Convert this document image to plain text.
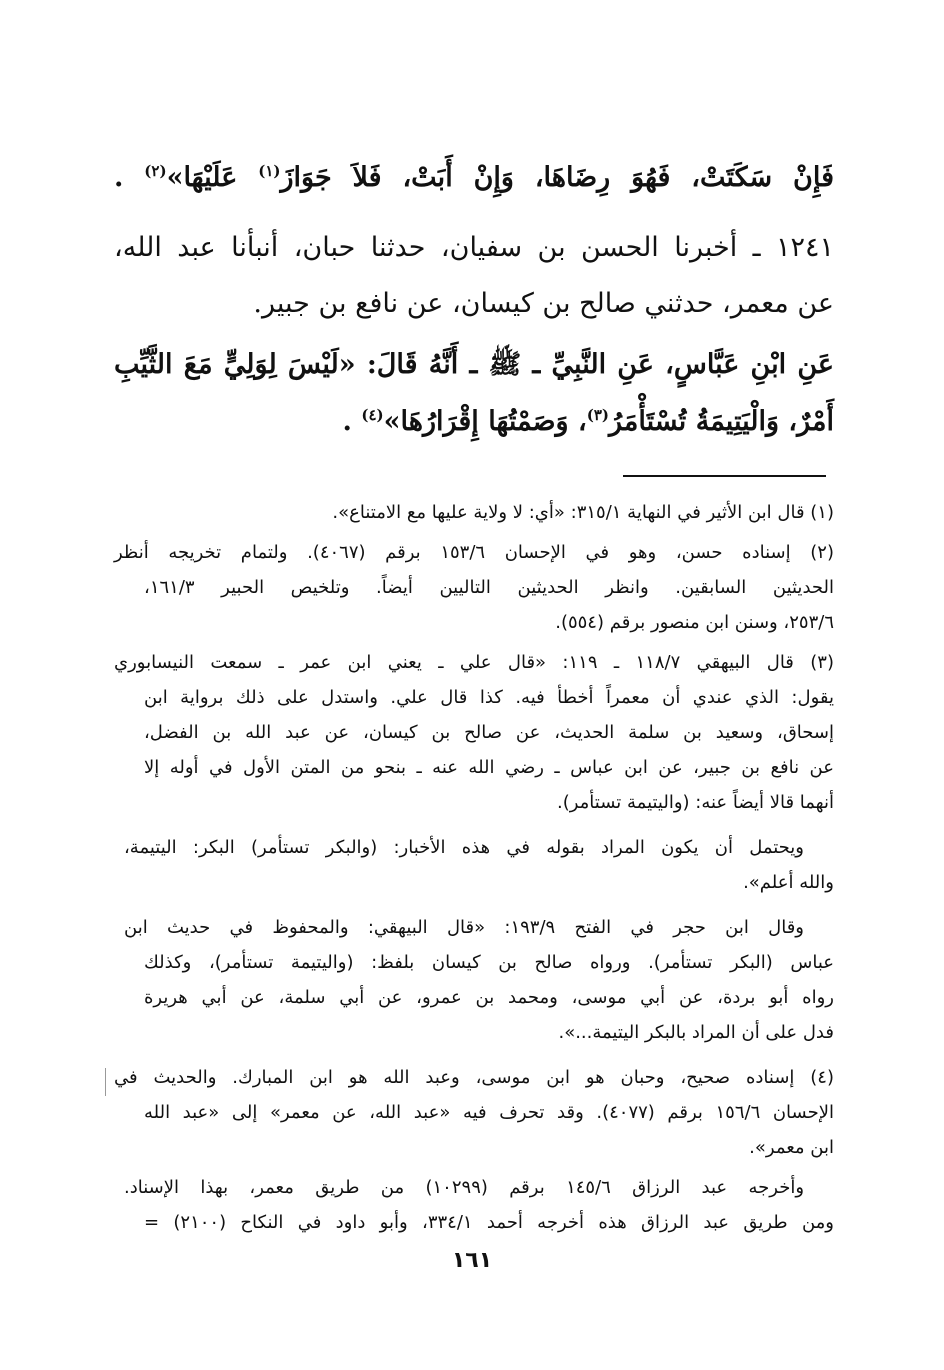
فَإِنْ سَكَتَتْ، فَهُوَ رِضَاهَا، وَإِنْ أَبَتْ، فَلاَ جَوَازَ$^{(١)}$ عَلَيْهَا»$^{(٢)}$ .
١٢٤١ ـ أخبرنا الحسن بن سفيان، حدثنا حبان، أنبأنا عبد الله،
عن معمر، حدثني صالح بن كيسان، عن نافع بن جبير.
عَنِ ابْنِ عَبَّاسٍ، عَنِ النَّبِيِّ ـ ﷺ ـ أَنَّهُ قَالَ: «لَيْسَ لِوَلِيٍّ مَعَ الثَّيِّبِ
أَمْرٌ، وَالْيَتِيمَةُ تُسْتَأْمَرُ$^{(٣)}$، وَصَمْتُهَا إِقْرَارُهَا»$^{(٤)}$ .
(١) قال ابن الأثير في النهاية ٣١٥/١: «أي: لا ولاية عليها مع الامتناع».
(٢) إسناده حسن، وهو في الإحسان ١٥٣/٦ برقم (٤٠٦٧). ولتمام تخريجه أنظر
الحديثين السابقين. وانظر الحديثين التاليين أيضاً. وتلخيص الحبير ١٦١/٣،
٢٥٣/٦، وسنن ابن منصور برقم (٥٥٤).
(٣) قال البيهقي ١١٨/٧ ـ ١١٩: «قال علي ـ يعني ابن عمر ـ سمعت النيسابوري
يقول: الذي عندي أن معمراً أخطأ فيه. كذا قال علي. واستدل على ذلك برواية ابن
إسحاق، وسعيد بن سلمة الحديث، عن صالح بن كيسان، عن عبد الله بن الفضل،
عن نافع بن جبير، عن ابن عباس ـ رضي الله عنه ـ بنحو من المتن الأول في أوله إلا
أنهما قالا أيضاً عنه: (واليتيمة تستأمر).
ويحتمل أن يكون المراد بقوله في هذه الأخبار: (والبكر تستأمر) البكر: اليتيمة،
والله أعلم».
وقال ابن حجر في الفتح ١٩٣/٩: «قال البيهقي: والمحفوظ في حديث ابن
عباس (البكر تستأمر). ورواه صالح بن كيسان بلفظ: (واليتيمة تستأمر)، وكذلك
رواه أبو بردة، عن أبي موسى، ومحمد بن عمرو، عن أبي سلمة، عن أبي هريرة
فدل على أن المراد بالبكر اليتيمة...».
(٤) إسناده صحيح، وحبان هو ابن موسى، وعبد الله هو ابن المبارك. والحديث في
الإحسان ١٥٦/٦ برقم (٤٠٧٧). وقد تحرف فيه «عبد الله، عن معمر» إلى «عبد الله
ابن معمر».
وأخرجه عبد الرزاق ١٤٥/٦ برقم (١٠٢٩٩) من طريق معمر، بهذا الإسناد.
ومن طريق عبد الرزاق هذه أخرجه أحمد ٣٣٤/١، وأبو داود في النكاح (٢١٠٠) =
١٦١
